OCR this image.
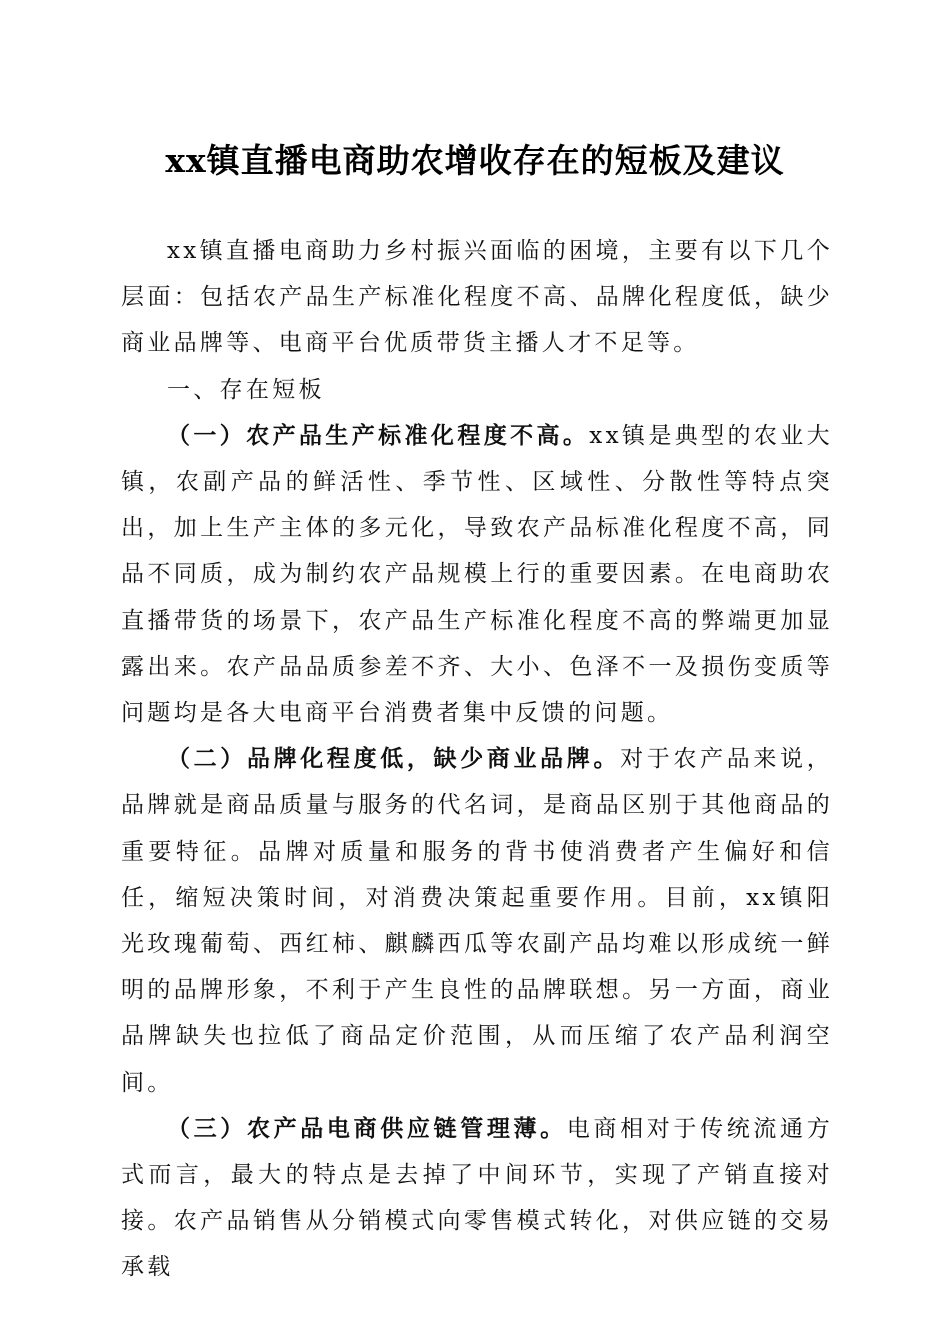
xx镇直播电商助农增收存在的短板及建议

xx镇直播电商助力乡村振兴面临的困境，主要有以下几个层面：包括农产品生产标准化程度不高、品牌化程度低，缺少商业品牌等、电商平台优质带货主播人才不足等。

一、存在短板

（一）农产品生产标准化程度不高。xx镇是典型的农业大镇，农副产品的鲜活性、季节性、区域性、分散性等特点突出，加上生产主体的多元化，导致农产品标准化程度不高，同品不同质，成为制约农产品规模上行的重要因素。在电商助农直播带货的场景下，农产品生产标准化程度不高的弊端更加显露出来。农产品品质参差不齐、大小、色泽不一及损伤变质等问题均是各大电商平台消费者集中反馈的问题。

（二）品牌化程度低，缺少商业品牌。对于农产品来说，品牌就是商品质量与服务的代名词，是商品区别于其他商品的重要特征。品牌对质量和服务的背书使消费者产生偏好和信任，缩短决策时间，对消费决策起重要作用。目前，xx镇阳光玫瑰葡萄、西红柿、麒麟西瓜等农副产品均难以形成统一鲜明的品牌形象，不利于产生良性的品牌联想。另一方面，商业品牌缺失也拉低了商品定价范围，从而压缩了农产品利润空间。

（三）农产品电商供应链管理薄。电商相对于传统流通方式而言，最大的特点是去掉了中间环节，实现了产销直接对接。农产品销售从分销模式向零售模式转化，对供应链的交易承载
